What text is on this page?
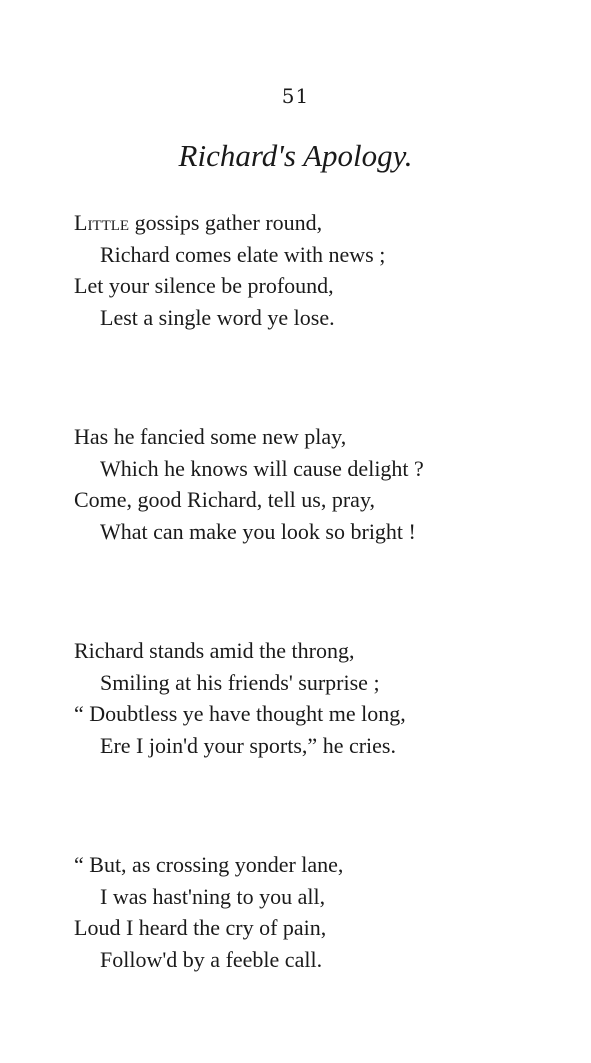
51
Richard's Apology.
Little gossips gather round,
Richard comes elate with news ;
Let your silence be profound,
Lest a single word ye lose.
Has he fancied some new play,
Which he knows will cause delight ?
Come, good Richard, tell us, pray,
What can make you look so bright !
Richard stands amid the throng,
Smiling at his friends' surprise ;
“ Doubtless ye have thought me long,
Ere I join'd your sports,” he cries.
“ But, as crossing yonder lane,
I was hast'ning to you all,
Loud I heard the cry of pain,
Follow'd by a feeble call.
